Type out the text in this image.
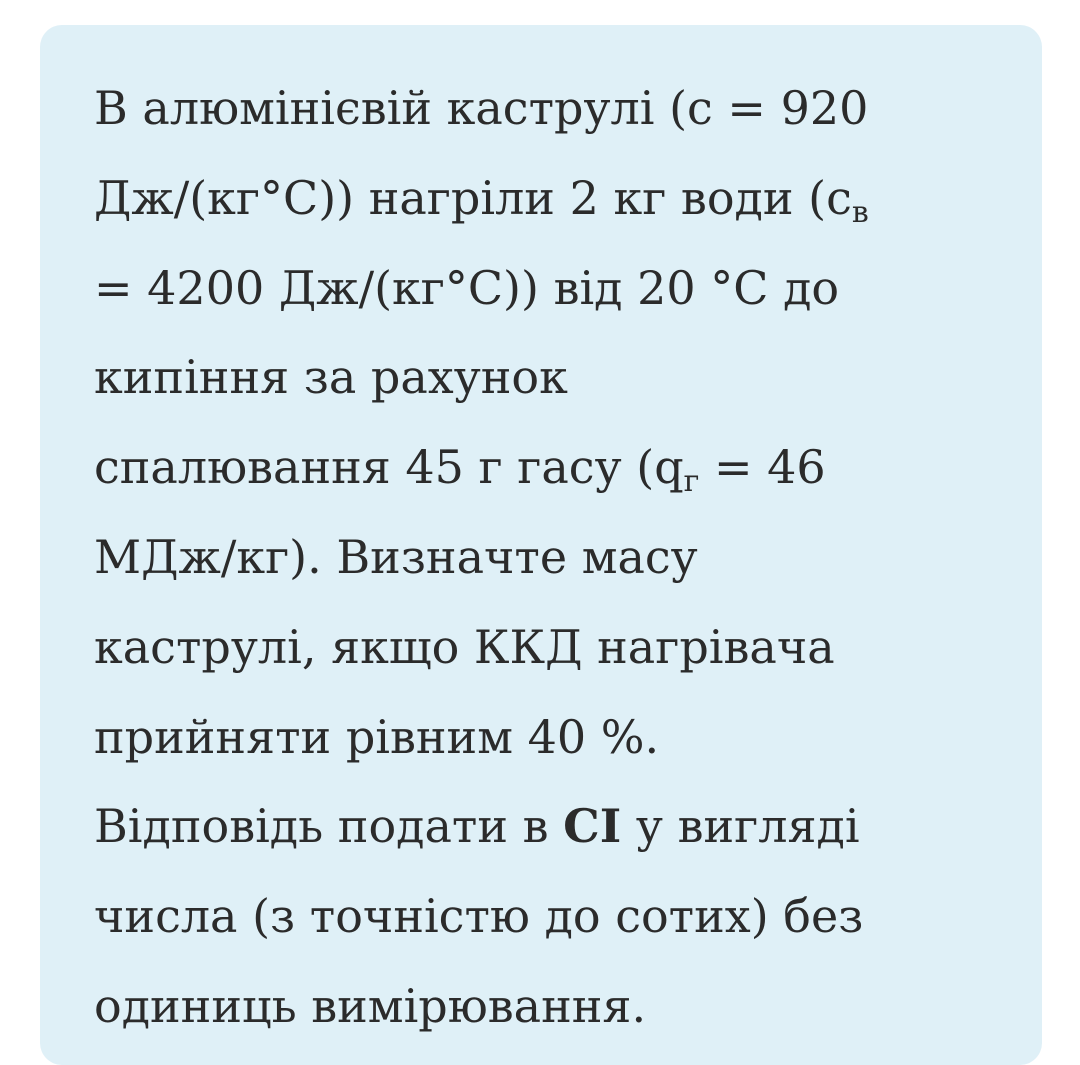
В алюмінієвій каструлі (с = 920
Дж/(кг°С)) нагріли 2 кг води ($с_в$
= 4200 Дж/(кг°С)) від 20 °С до
кипіння за рахунок
спалювання 45 г гасу ($q_г = 46$
МДж/кг). Визначте масу
каструлі, якщо ККД нагрівача
прийняти рівним 40 %.
Відповідь подати в СІ у вигляді
числа (з точністю до сотих) без
одиниць вимірювання.
